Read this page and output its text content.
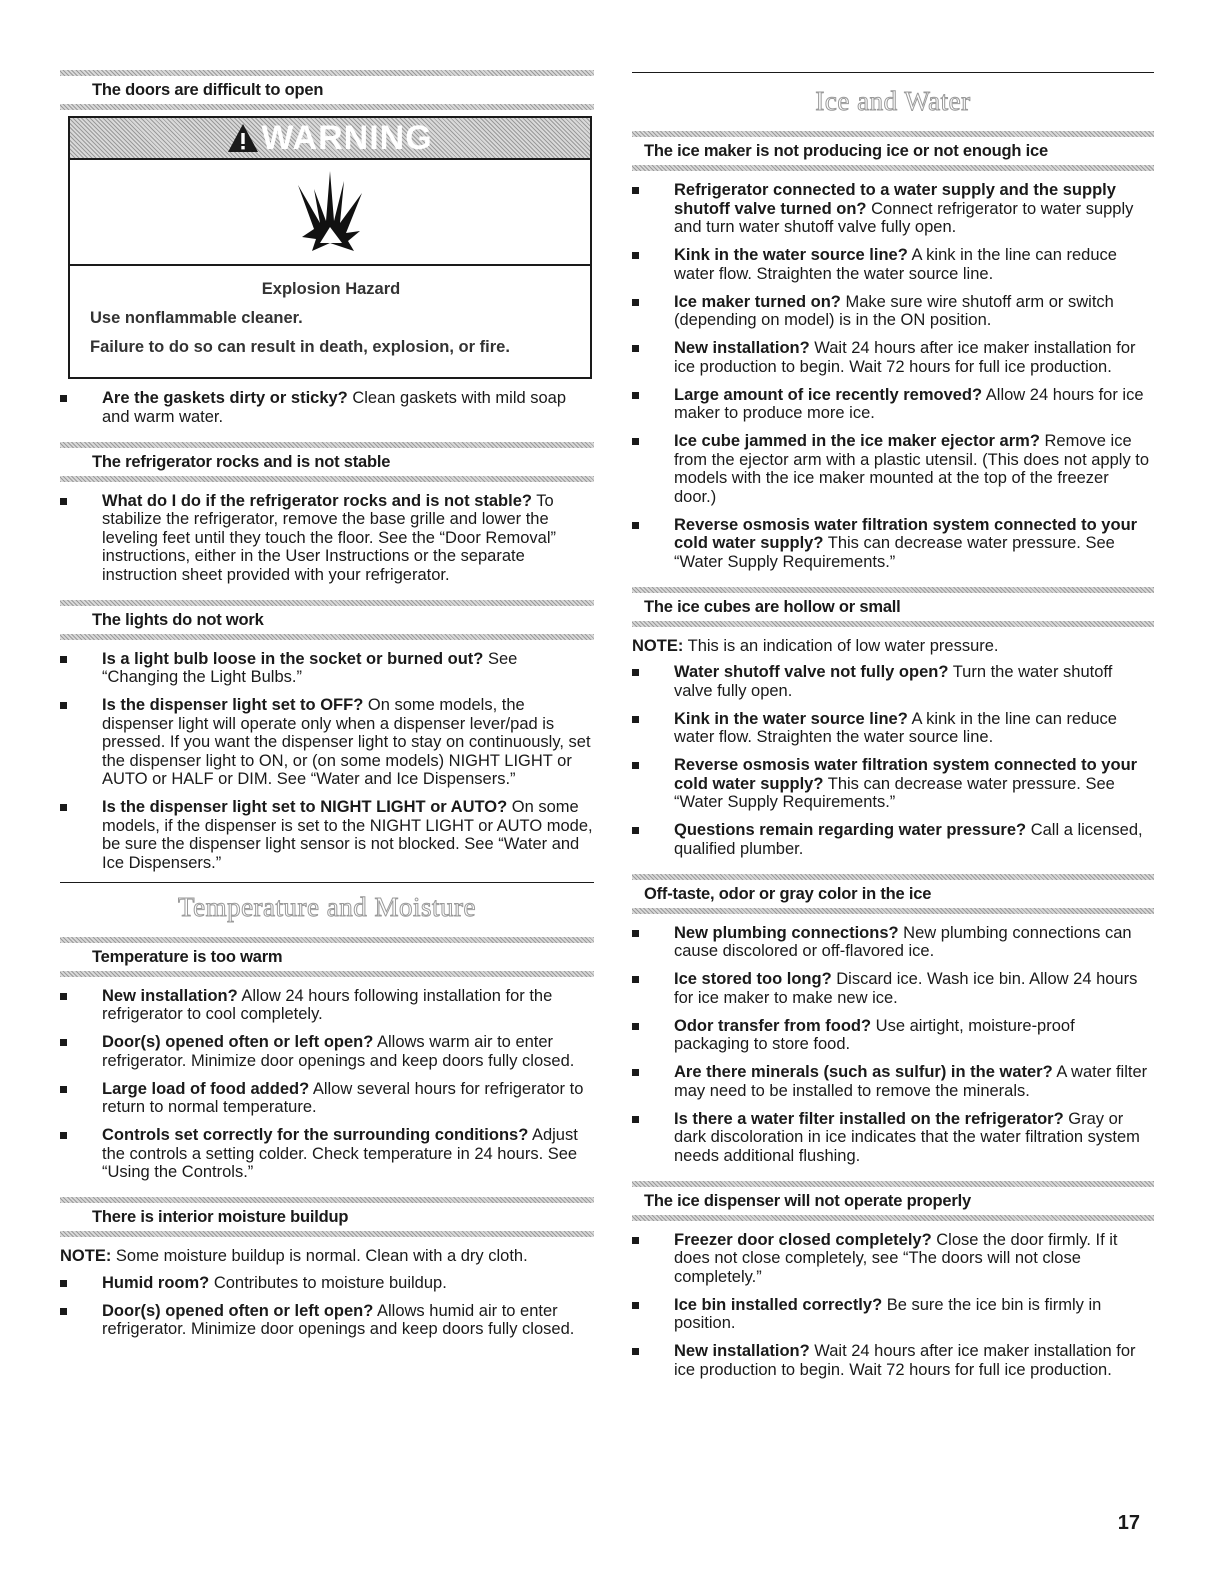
The doors are difficult to open
WARNING
Explosion Hazard

Use nonflammable cleaner.

Failure to do so can result in death, explosion, or fire.

Are the gaskets dirty or sticky? Clean gaskets with mild soap and warm water.
The refrigerator rocks and is not stable
What do I do if the refrigerator rocks and is not stable? To stabilize the refrigerator, remove the base grille and lower the leveling feet until they touch the floor. See the “Door Removal” instructions, either in the User Instructions or the separate instruction sheet provided with your refrigerator.
The lights do not work
Is a light bulb loose in the socket or burned out? See “Changing the Light Bulbs.”
Is the dispenser light set to OFF? On some models, the dispenser light will operate only when a dispenser lever/pad is pressed. If you want the dispenser light to stay on continuously, set the dispenser light to ON, or (on some models) NIGHT LIGHT or AUTO or HALF or DIM. See “Water and Ice Dispensers.”
Is the dispenser light set to NIGHT LIGHT or AUTO? On some models, if the dispenser is set to the NIGHT LIGHT or AUTO mode, be sure the dispenser light sensor is not blocked. See “Water and Ice Dispensers.”
Temperature and Moisture
Temperature is too warm
New installation? Allow 24 hours following installation for the refrigerator to cool completely.
Door(s) opened often or left open? Allows warm air to enter refrigerator. Minimize door openings and keep doors fully closed.
Large load of food added? Allow several hours for refrigerator to return to normal temperature.
Controls set correctly for the surrounding conditions? Adjust the controls a setting colder. Check temperature in 24 hours. See “Using the Controls.”
There is interior moisture buildup
NOTE: Some moisture buildup is normal. Clean with a dry cloth.
Humid room? Contributes to moisture buildup.
Door(s) opened often or left open? Allows humid air to enter refrigerator. Minimize door openings and keep doors fully closed.
Ice and Water
The ice maker is not producing ice or not enough ice
Refrigerator connected to a water supply and the supply shutoff valve turned on? Connect refrigerator to water supply and turn water shutoff valve fully open.
Kink in the water source line? A kink in the line can reduce water flow. Straighten the water source line.
Ice maker turned on? Make sure wire shutoff arm or switch (depending on model) is in the ON position.
New installation? Wait 24 hours after ice maker installation for ice production to begin. Wait 72 hours for full ice production.
Large amount of ice recently removed? Allow 24 hours for ice maker to produce more ice.
Ice cube jammed in the ice maker ejector arm? Remove ice from the ejector arm with a plastic utensil. (This does not apply to models with the ice maker mounted at the top of the freezer door.)
Reverse osmosis water filtration system connected to your cold water supply? This can decrease water pressure. See “Water Supply Requirements.”
The ice cubes are hollow or small
NOTE: This is an indication of low water pressure.
Water shutoff valve not fully open? Turn the water shutoff valve fully open.
Kink in the water source line? A kink in the line can reduce water flow. Straighten the water source line.
Reverse osmosis water filtration system connected to your cold water supply? This can decrease water pressure. See “Water Supply Requirements.”
Questions remain regarding water pressure? Call a licensed, qualified plumber.
Off-taste, odor or gray color in the ice
New plumbing connections? New plumbing connections can cause discolored or off-flavored ice.
Ice stored too long? Discard ice. Wash ice bin. Allow 24 hours for ice maker to make new ice.
Odor transfer from food? Use airtight, moisture-proof packaging to store food.
Are there minerals (such as sulfur) in the water? A water filter may need to be installed to remove the minerals.
Is there a water filter installed on the refrigerator? Gray or dark discoloration in ice indicates that the water filtration system needs additional flushing.
The ice dispenser will not operate properly
Freezer door closed completely? Close the door firmly. If it does not close completely, see “The doors will not close completely.”
Ice bin installed correctly? Be sure the ice bin is firmly in position.
New installation? Wait 24 hours after ice maker installation for ice production to begin. Wait 72 hours for full ice production.
17
